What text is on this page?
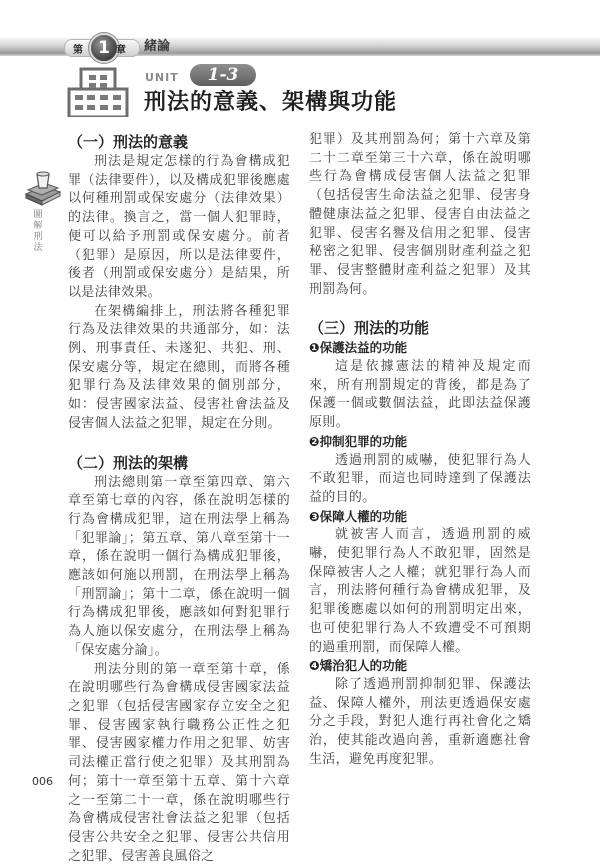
第 1 章 緒論
UNIT	1-3
刑法的意義、架構與功能
圖解刑法
（一）刑法的意義

刑法是規定怎樣的行為會構成犯罪（法律要件），以及構成犯罪後應處以何種刑罰或保安處分（法律效果）的法律。換言之，當一個人犯罪時，便可以給予刑罰或保安處分。前者（犯罪）是原因，所以是法律要件，後者（刑罰或保安處分）是結果，所以是法律效果。

在架構編排上，刑法將各種犯罪行為及法律效果的共通部分，如：法例、刑事責任、未遂犯、共犯、刑、保安處分等，規定在總則，而將各種犯罪行為及法律效果的個別部分，如：侵害國家法益、侵害社會法益及侵害個人法益之犯罪，規定在分則。

（二）刑法的架構

刑法總則第一章至第四章、第六章至第七章的內容，係在說明怎樣的行為會構成犯罪，這在刑法學上稱為「犯罪論」；第五章、第八章至第十一章，係在說明一個行為構成犯罪後，應該如何施以刑罰，在刑法學上稱為「刑罰論」；第十二章，係在說明一個行為構成犯罪後，應該如何對犯罪行為人施以保安處分，在刑法學上稱為「保安處分論」。

刑法分則的第一章至第十章，係在說明哪些行為會構成侵害國家法益之犯罪（包括侵害國家存立安全之犯罪、侵害國家執行職務公正性之犯罪、侵害國家權力作用之犯罪、妨害司法權正當行使之犯罪）及其刑罰為何；第十一章至第十五章、第十六章之一至第二十一章，係在說明哪些行為會構成侵害社會法益之犯罪（包括侵害公共安全之犯罪、侵害公共信用之犯罪、侵害善良風俗之

犯罪）及其刑罰為何；第十六章及第二十二章至第三十六章，係在說明哪些行為會構成侵害個人法益之犯罪（包括侵害生命法益之犯罪、侵害身體健康法益之犯罪、侵害自由法益之犯罪、侵害名譽及信用之犯罪、侵害秘密之犯罪、侵害個別財產利益之犯罪、侵害整體財產利益之犯罪）及其刑罰為何。

（三）刑法的功能
❶保護法益的功能

這是依據憲法的精神及規定而來，所有刑罰規定的背後，都是為了保護一個或數個法益，此即法益保護原則。

❷抑制犯罪的功能

透過刑罰的威嚇，使犯罪行為人不敢犯罪，而這也同時達到了保護法益的目的。

❸保障人權的功能

就被害人而言，透過刑罰的威嚇，使犯罪行為人不敢犯罪，固然是保障被害人之人權；就犯罪行為人而言，刑法將何種行為會構成犯罪，及犯罪後應處以如何的刑罰明定出來，也可使犯罪行為人不致遭受不可預期的過重刑罰，而保障人權。

❹矯治犯人的功能

除了透過刑罰抑制犯罪、保護法益、保障人權外，刑法更透過保安處分之手段，對犯人進行再社會化之矯治，使其能改過向善，重新適應社會生活，避免再度犯罪。

006
